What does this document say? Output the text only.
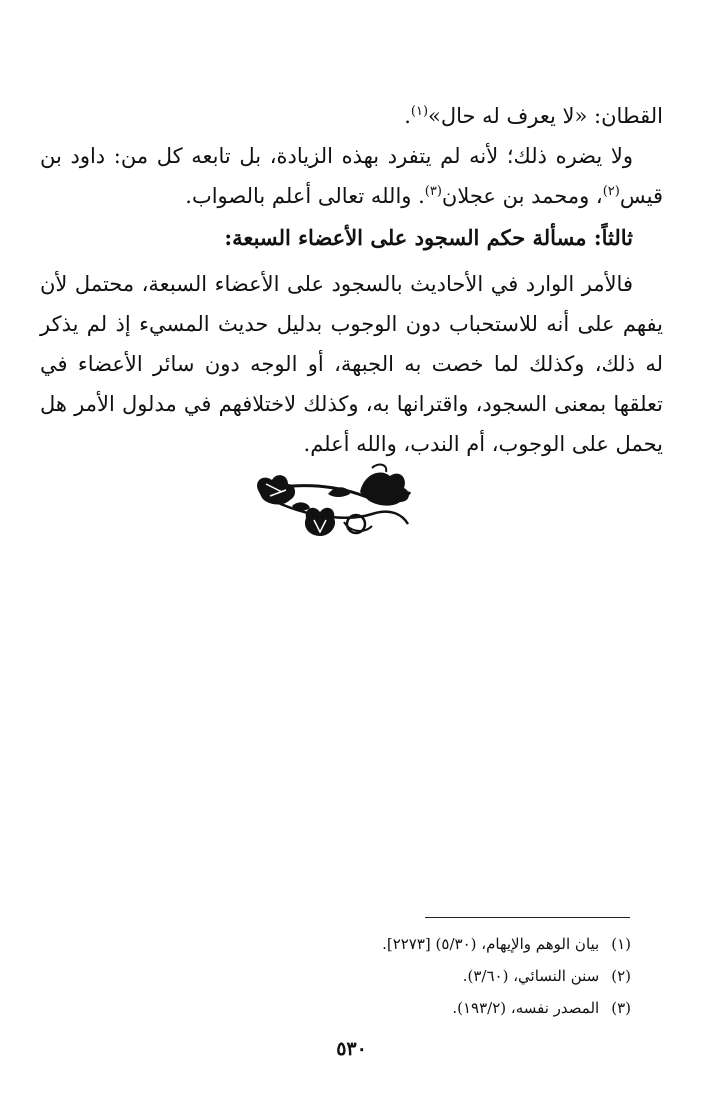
القطان: «لا يعرف له حال»$^{(١)}$.

ولا يضره ذلك؛ لأنه لم يتفرد بهذه الزيادة، بل تابعه كل من: داود بن قيس$^{(٢)}$، ومحمد بن عجلان$^{(٣)}$. والله تعالى أعلم بالصواب.

ثالثاً: مسألة حكم السجود على الأعضاء السبعة:

فالأمر الوارد في الأحاديث بالسجود على الأعضاء السبعة، محتمل لأن يفهم على أنه للاستحباب دون الوجوب بدليل حديث المسيء إذ لم يذكر له ذلك، وكذلك لما خصت به الجبهة، أو الوجه دون سائر الأعضاء في تعلقها بمعنى السجود، واقترانها به، وكذلك لاختلافهم في مدلول الأمر هل يحمل على الوجوب، أم الندب، والله أعلم.

(١)بيان الوهم والإيهام، (٥/٣٠) [٢٢٧٣].

(٢)سنن النسائي، (٣/٦٠).

(٣)المصدر نفسه، (١٩٣/٢).

٥٣٠
